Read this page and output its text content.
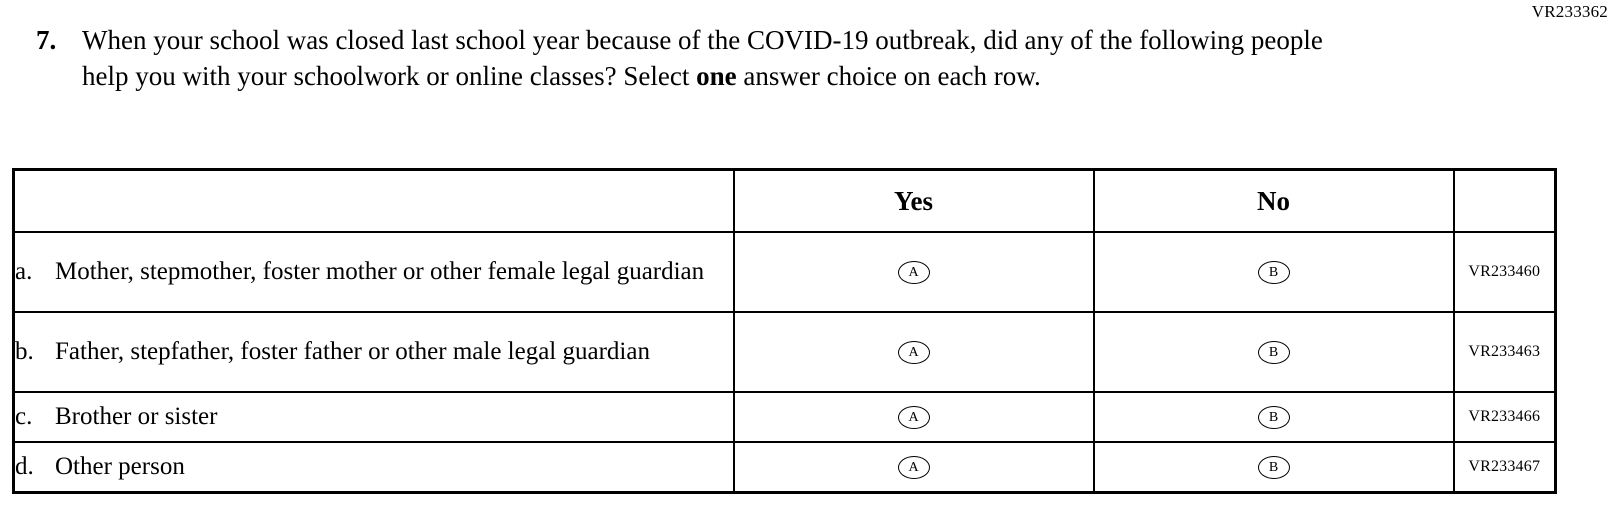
VR233362
7. When your school was closed last school year because of the COVID-19 outbreak, did any of the following people help you with your schoolwork or online classes? Select one answer choice on each row.
	Yes	No	

a. Mother, stepmother, foster mother or other female legal guardian	A	B	VR233460

b. Father, stepfather, foster father or other male legal guardian	A	B	VR233463

c. Brother or sister	A	B	VR233466

d. Other person	A	B	VR233467
